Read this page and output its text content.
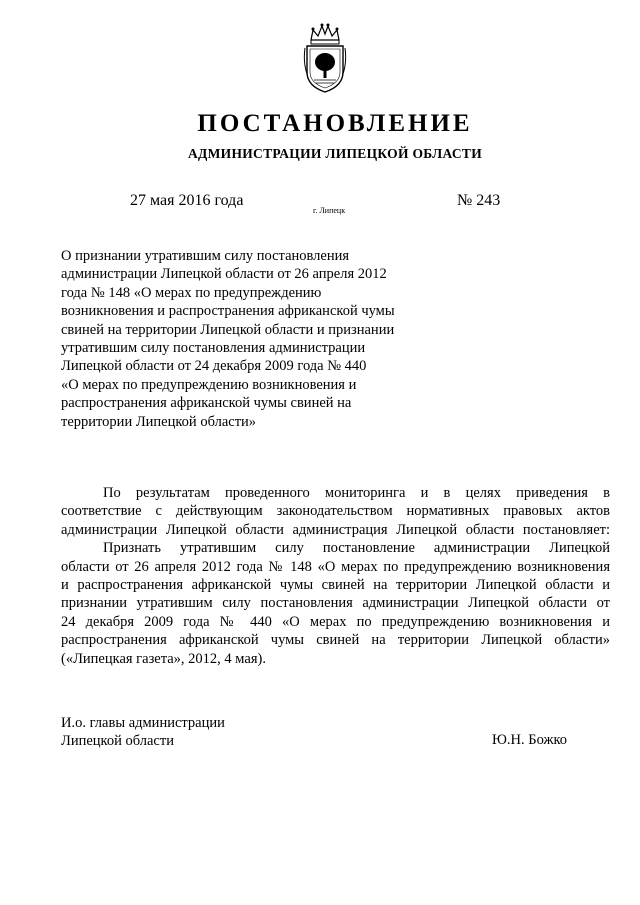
ПОСТАНОВЛЕНИЕ
АДМИНИСТРАЦИИ ЛИПЕЦКОЙ ОБЛАСТИ
27 мая 2016 года
г. Липецк
№ 243
О признании утратившим силу постановления
администрации Липецкой области от 26 апреля 2012
года № 148 «О мерах по предупреждению
возникновения и распространения африканской чумы
свиней на территории Липецкой области и признании
утратившим силу постановления администрации
Липецкой области от 24 декабря 2009 года № 440
«О мерах по предупреждению возникновения и
распространения африканской чумы свиней на
территории Липецкой области»

По результатам проведенного мониторинга и в целях приведения в
соответствие с действующим законодательством нормативных правовых актов
администрации Липецкой области администрация Липецкой области постановляет:

Признать утратившим силу постановление администрации Липецкой
области от 26 апреля 2012 года № 148 «О мерах по предупреждению возникновения
и распространения африканской чумы свиней на территории Липецкой области и
признании утратившим силу постановления администрации Липецкой области от
24 декабря 2009 года № 440 «О мерах по предупреждению возникновения и
распространения африканской чумы свиней на территории Липецкой области»
(«Липецкая газета», 2012, 4 мая).

И.о. главы администрации
Липецкой области	Ю.Н. Божко
